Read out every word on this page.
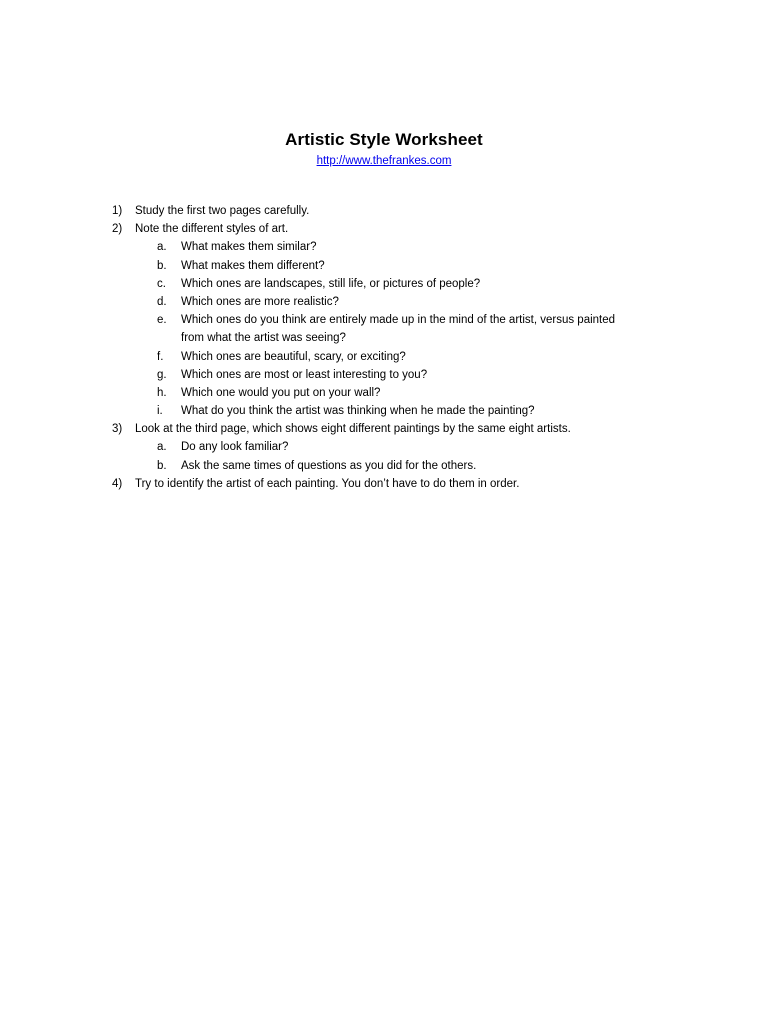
Artistic Style Worksheet
http://www.thefrankes.com
1) Study the first two pages carefully.
2) Note the different styles of art.
a. What makes them similar?
b. What makes them different?
c. Which ones are landscapes, still life, or pictures of people?
d. Which ones are more realistic?
e. Which ones do you think are entirely made up in the mind of the artist, versus painted
from what the artist was seeing?
f. Which ones are beautiful, scary, or exciting?
g. Which ones are most or least interesting to you?
h. Which one would you put on your wall?
i. What do you think the artist was thinking when he made the painting?
3) Look at the third page, which shows eight different paintings by the same eight artists.
a. Do any look familiar?
b. Ask the same times of questions as you did for the others.
4) Try to identify the artist of each painting. You don’t have to do them in order.
